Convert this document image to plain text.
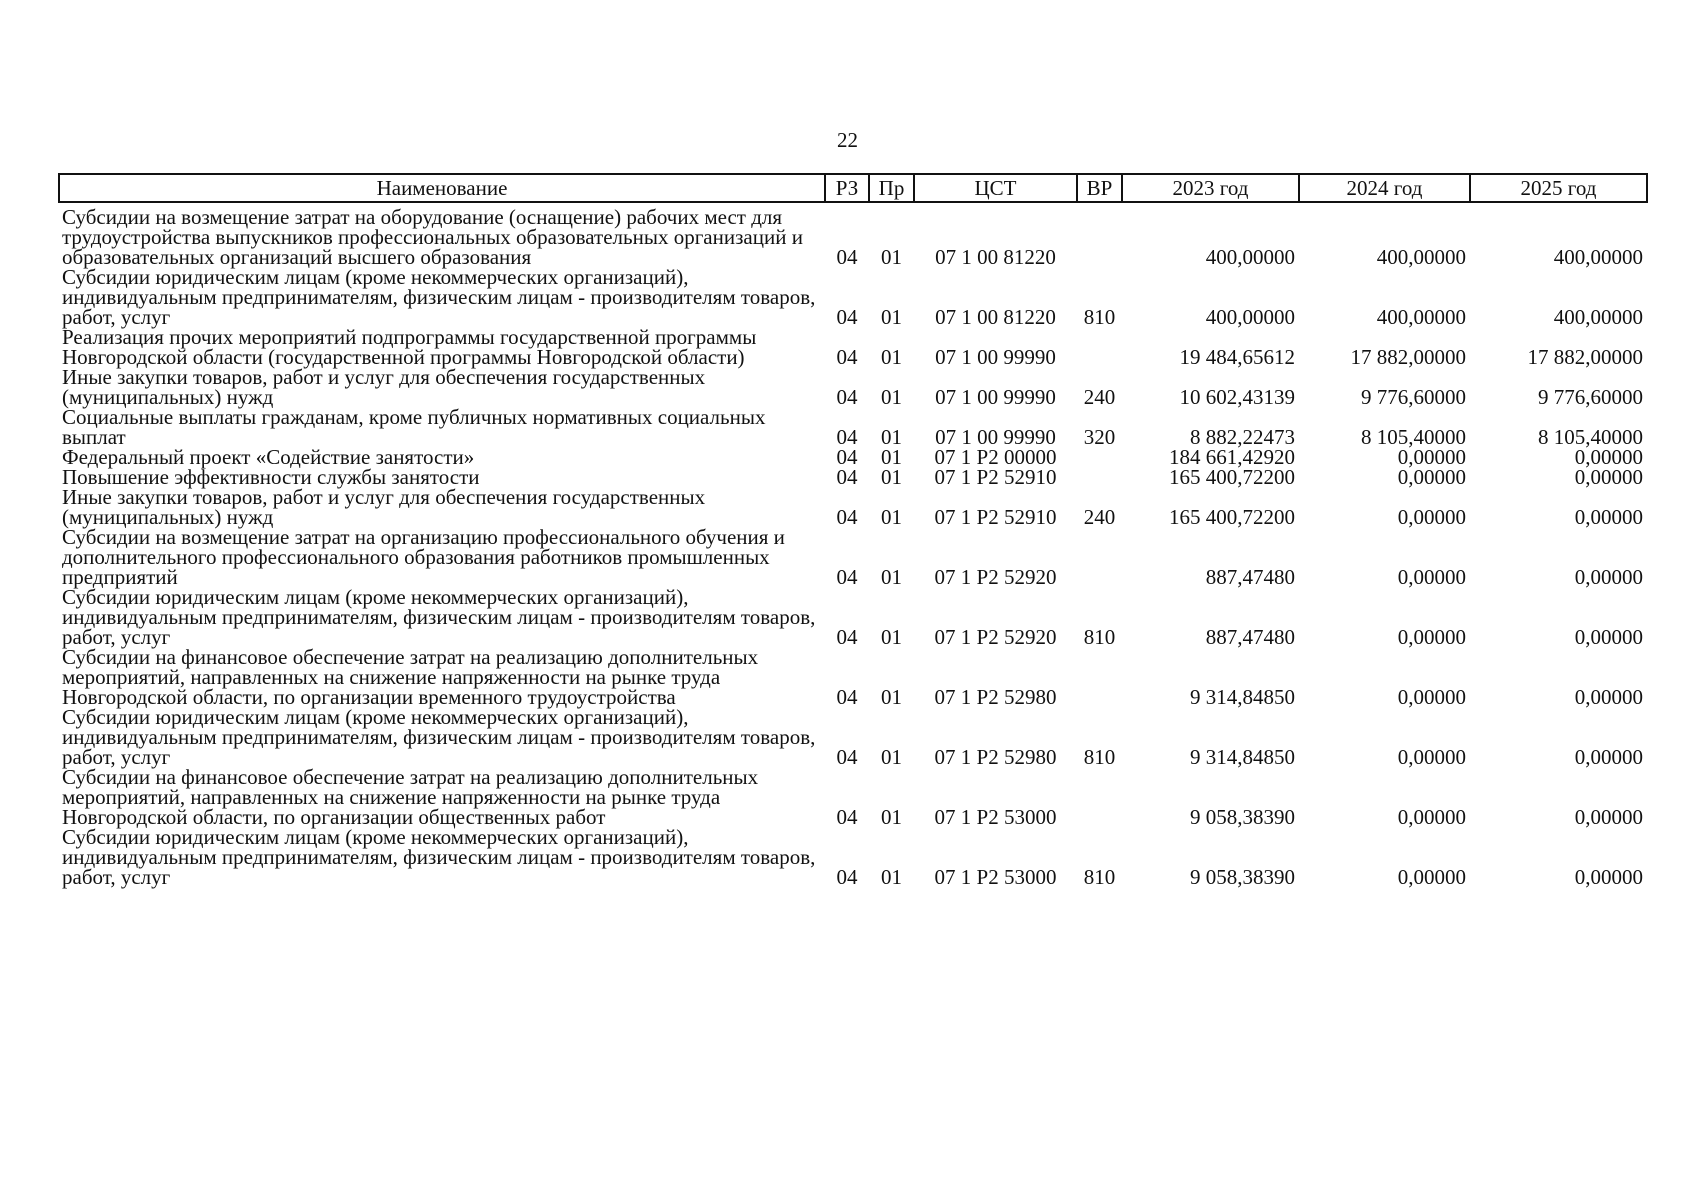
22
Наименование	РЗ	Пр	ЦСТ	ВР	2023 год	2024 год	2025 год
Субсидии на возмещение затрат на оборудование (оснащение) рабочих мест для трудоустройства выпускников профессиональных образовательных организаций и образовательных организаций высшего образования	04	01	07 1 00 81220		400,00000	400,00000	400,00000
Субсидии юридическим лицам (кроме некоммерческих организаций), индивидуальным предпринимателям, физическим лицам - производителям товаров, работ, услуг	04	01	07 1 00 81220	810	400,00000	400,00000	400,00000
Реализация прочих мероприятий подпрограммы государственной программы Новгородской области (государственной программы Новгородской области)	04	01	07 1 00 99990		19 484,65612	17 882,00000	17 882,00000
Иные закупки товаров, работ и услуг для обеспечения государственных (муниципальных) нужд	04	01	07 1 00 99990	240	10 602,43139	9 776,60000	9 776,60000
Социальные выплаты гражданам, кроме публичных нормативных социальных выплат	04	01	07 1 00 99990	320	8 882,22473	8 105,40000	8 105,40000
Федеральный проект «Содействие занятости»	04	01	07 1 P2 00000		184 661,42920	0,00000	0,00000
Повышение эффективности службы занятости	04	01	07 1 P2 52910		165 400,72200	0,00000	0,00000
Иные закупки товаров, работ и услуг для обеспечения государственных (муниципальных) нужд	04	01	07 1 P2 52910	240	165 400,72200	0,00000	0,00000
Субсидии на возмещение затрат на организацию профессионального обучения и дополнительного профессионального образования работников промышленных предприятий	04	01	07 1 P2 52920		887,47480	0,00000	0,00000
Субсидии юридическим лицам (кроме некоммерческих организаций), индивидуальным предпринимателям, физическим лицам - производителям товаров, работ, услуг	04	01	07 1 P2 52920	810	887,47480	0,00000	0,00000
Субсидии на финансовое обеспечение затрат на реализацию дополнительных мероприятий, направленных на снижение напряженности на рынке труда Новгородской области, по организации временного трудоустройства	04	01	07 1 P2 52980		9 314,84850	0,00000	0,00000
Субсидии юридическим лицам (кроме некоммерческих организаций), индивидуальным предпринимателям, физическим лицам - производителям товаров, работ, услуг	04	01	07 1 P2 52980	810	9 314,84850	0,00000	0,00000
Субсидии на финансовое обеспечение затрат на реализацию дополнительных мероприятий, направленных на снижение напряженности на рынке труда Новгородской области, по организации общественных работ	04	01	07 1 P2 53000		9 058,38390	0,00000	0,00000
Субсидии юридическим лицам (кроме некоммерческих организаций), индивидуальным предпринимателям, физическим лицам - производителям товаров, работ, услуг	04	01	07 1 P2 53000	810	9 058,38390	0,00000	0,00000
